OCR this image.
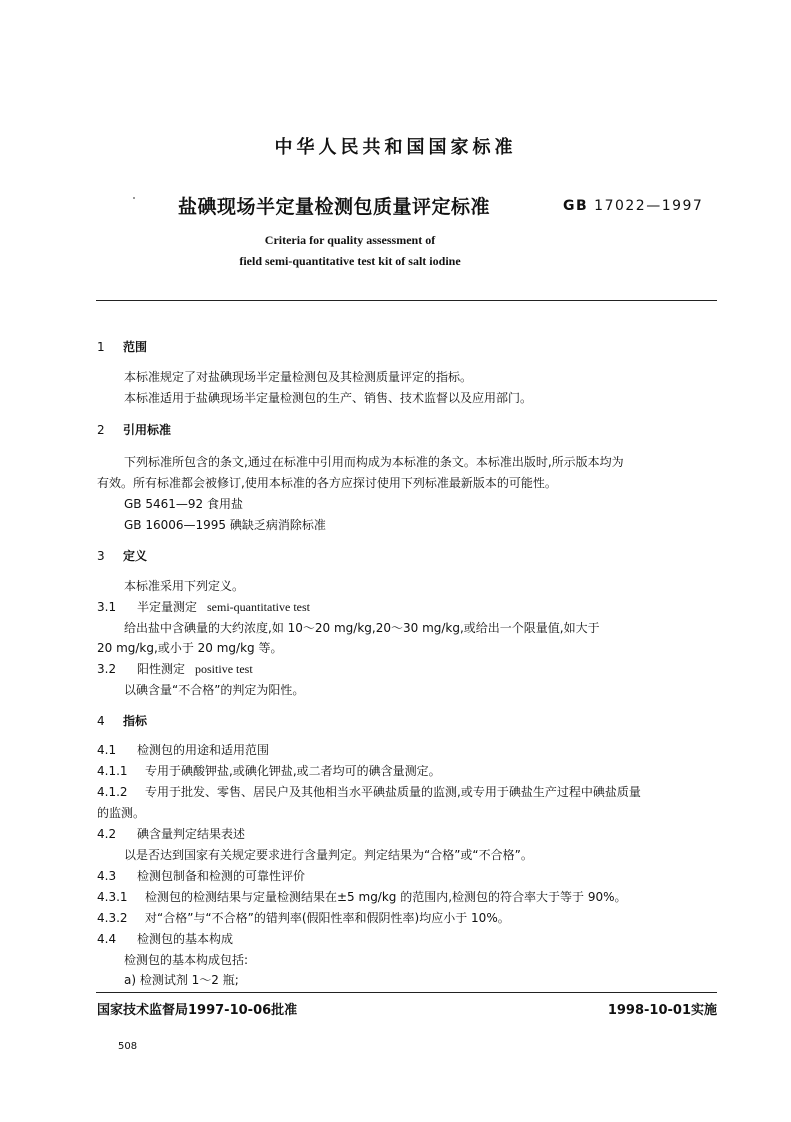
中华人民共和国国家标准
盐碘现场半定量检测包质量评定标准	GB 17022—1997
Criteria for quality assessment of
field semi-quantitative test kit of salt iodine
1 范围
本标准规定了对盐碘现场半定量检测包及其检测质量评定的指标。
本标准适用于盐碘现场半定量检测包的生产、销售、技术监督以及应用部门。
2 引用标准
下列标准所包含的条文,通过在标准中引用而构成为本标准的条文。本标准出版时,所示版本均为
有效。所有标准都会被修订,使用本标准的各方应探讨使用下列标准最新版本的可能性。
GB 5461—92 食用盐
GB 16006—1995 碘缺乏病消除标准
3 定义
本标准采用下列定义。
3.1 半定量测定 semi-quantitative test
给出盐中含碘量的大约浓度,如 10～20 mg/kg,20～30 mg/kg,或给出一个限量值,如大于
20 mg/kg,或小于 20 mg/kg 等。
3.2 阳性测定 positive test
以碘含量“不合格”的判定为阳性。
4 指标
4.1 检测包的用途和适用范围
4.1.1 专用于碘酸钾盐,或碘化钾盐,或二者均可的碘含量测定。
4.1.2 专用于批发、零售、居民户及其他相当水平碘盐质量的监测,或专用于碘盐生产过程中碘盐质量
的监测。
4.2 碘含量判定结果表述
以是否达到国家有关规定要求进行含量判定。判定结果为“合格”或“不合格”。
4.3 检测包制备和检测的可靠性评价
4.3.1 检测包的检测结果与定量检测结果在±5 mg/kg 的范围内,检测包的符合率大于等于 90%。
4.3.2 对“合格”与“不合格”的错判率(假阳性率和假阴性率)均应小于 10%。
4.4 检测包的基本构成
检测包的基本构成包括:
a) 检测试剂 1～2 瓶;
国家技术监督局1997-10-06批准	1998-10-01实施
508
